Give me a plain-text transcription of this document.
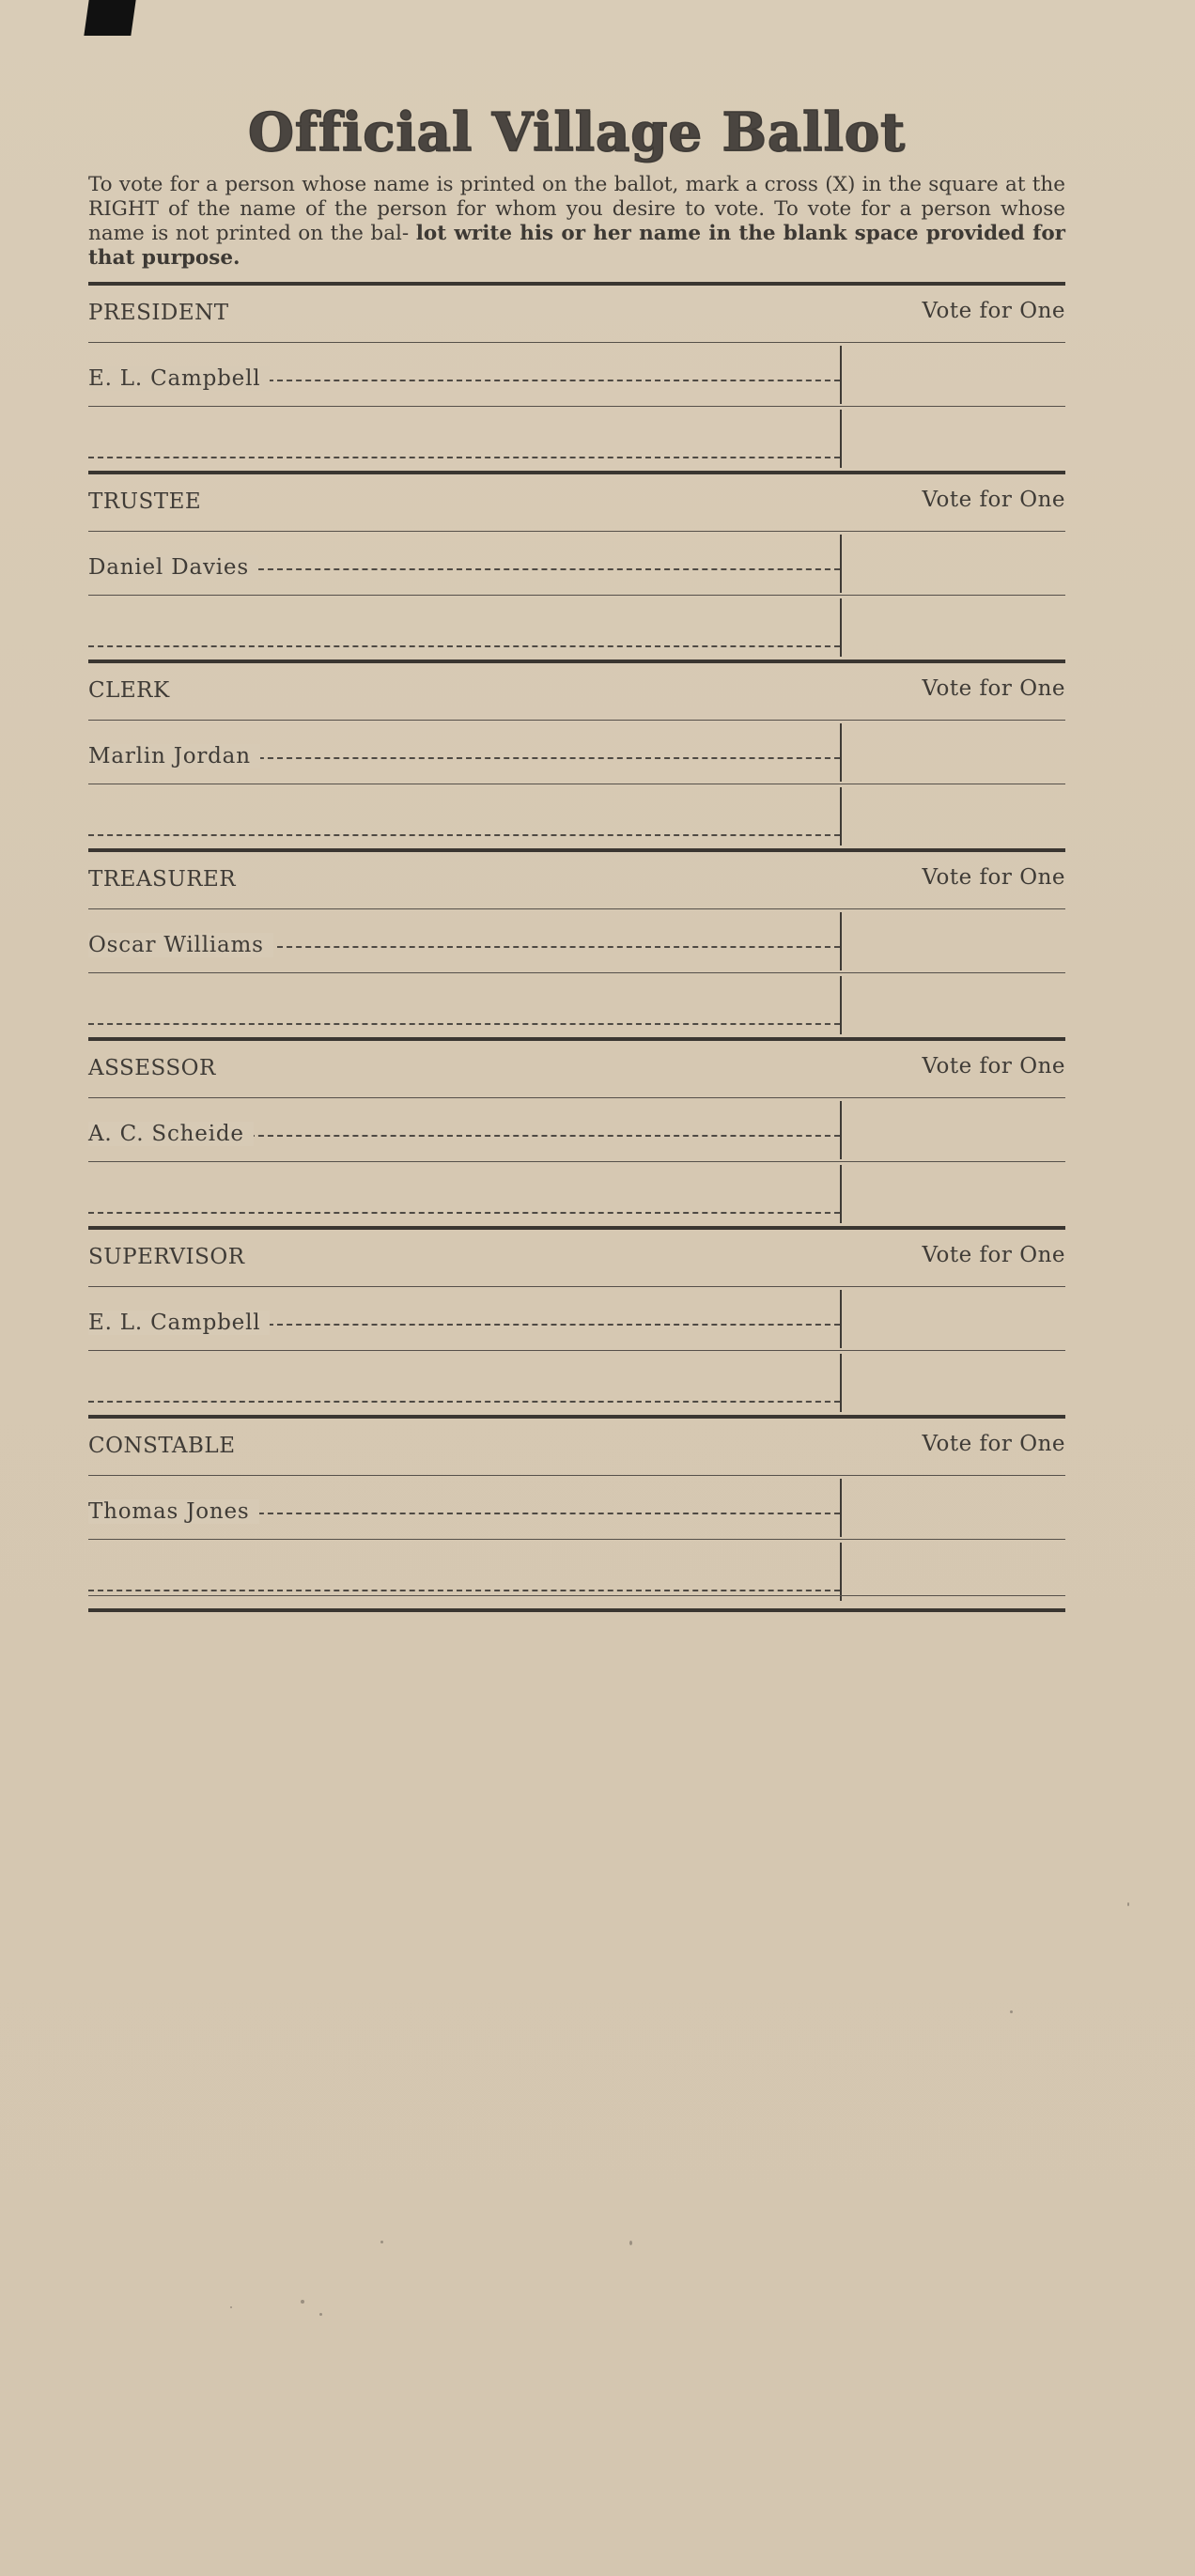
Official Village Ballot

To vote for a person whose name is printed on the ballot, mark a cross (X) in the square at the RIGHT of the name of the person for whom you desire to vote. To vote for a person whose name is not printed on the bal- lot write his or her name in the blank space provided for that purpose.

PRESIDENT	Vote for One
E. L. Campbell
TRUSTEE	Vote for One
Daniel Davies
CLERK	Vote for One
Marlin Jordan
TREASURER	Vote for One
Oscar Williams
ASSESSOR	Vote for One
A. C. Scheide
SUPERVISOR	Vote for One
E. L. Campbell
CONSTABLE	Vote for One
Thomas Jones
